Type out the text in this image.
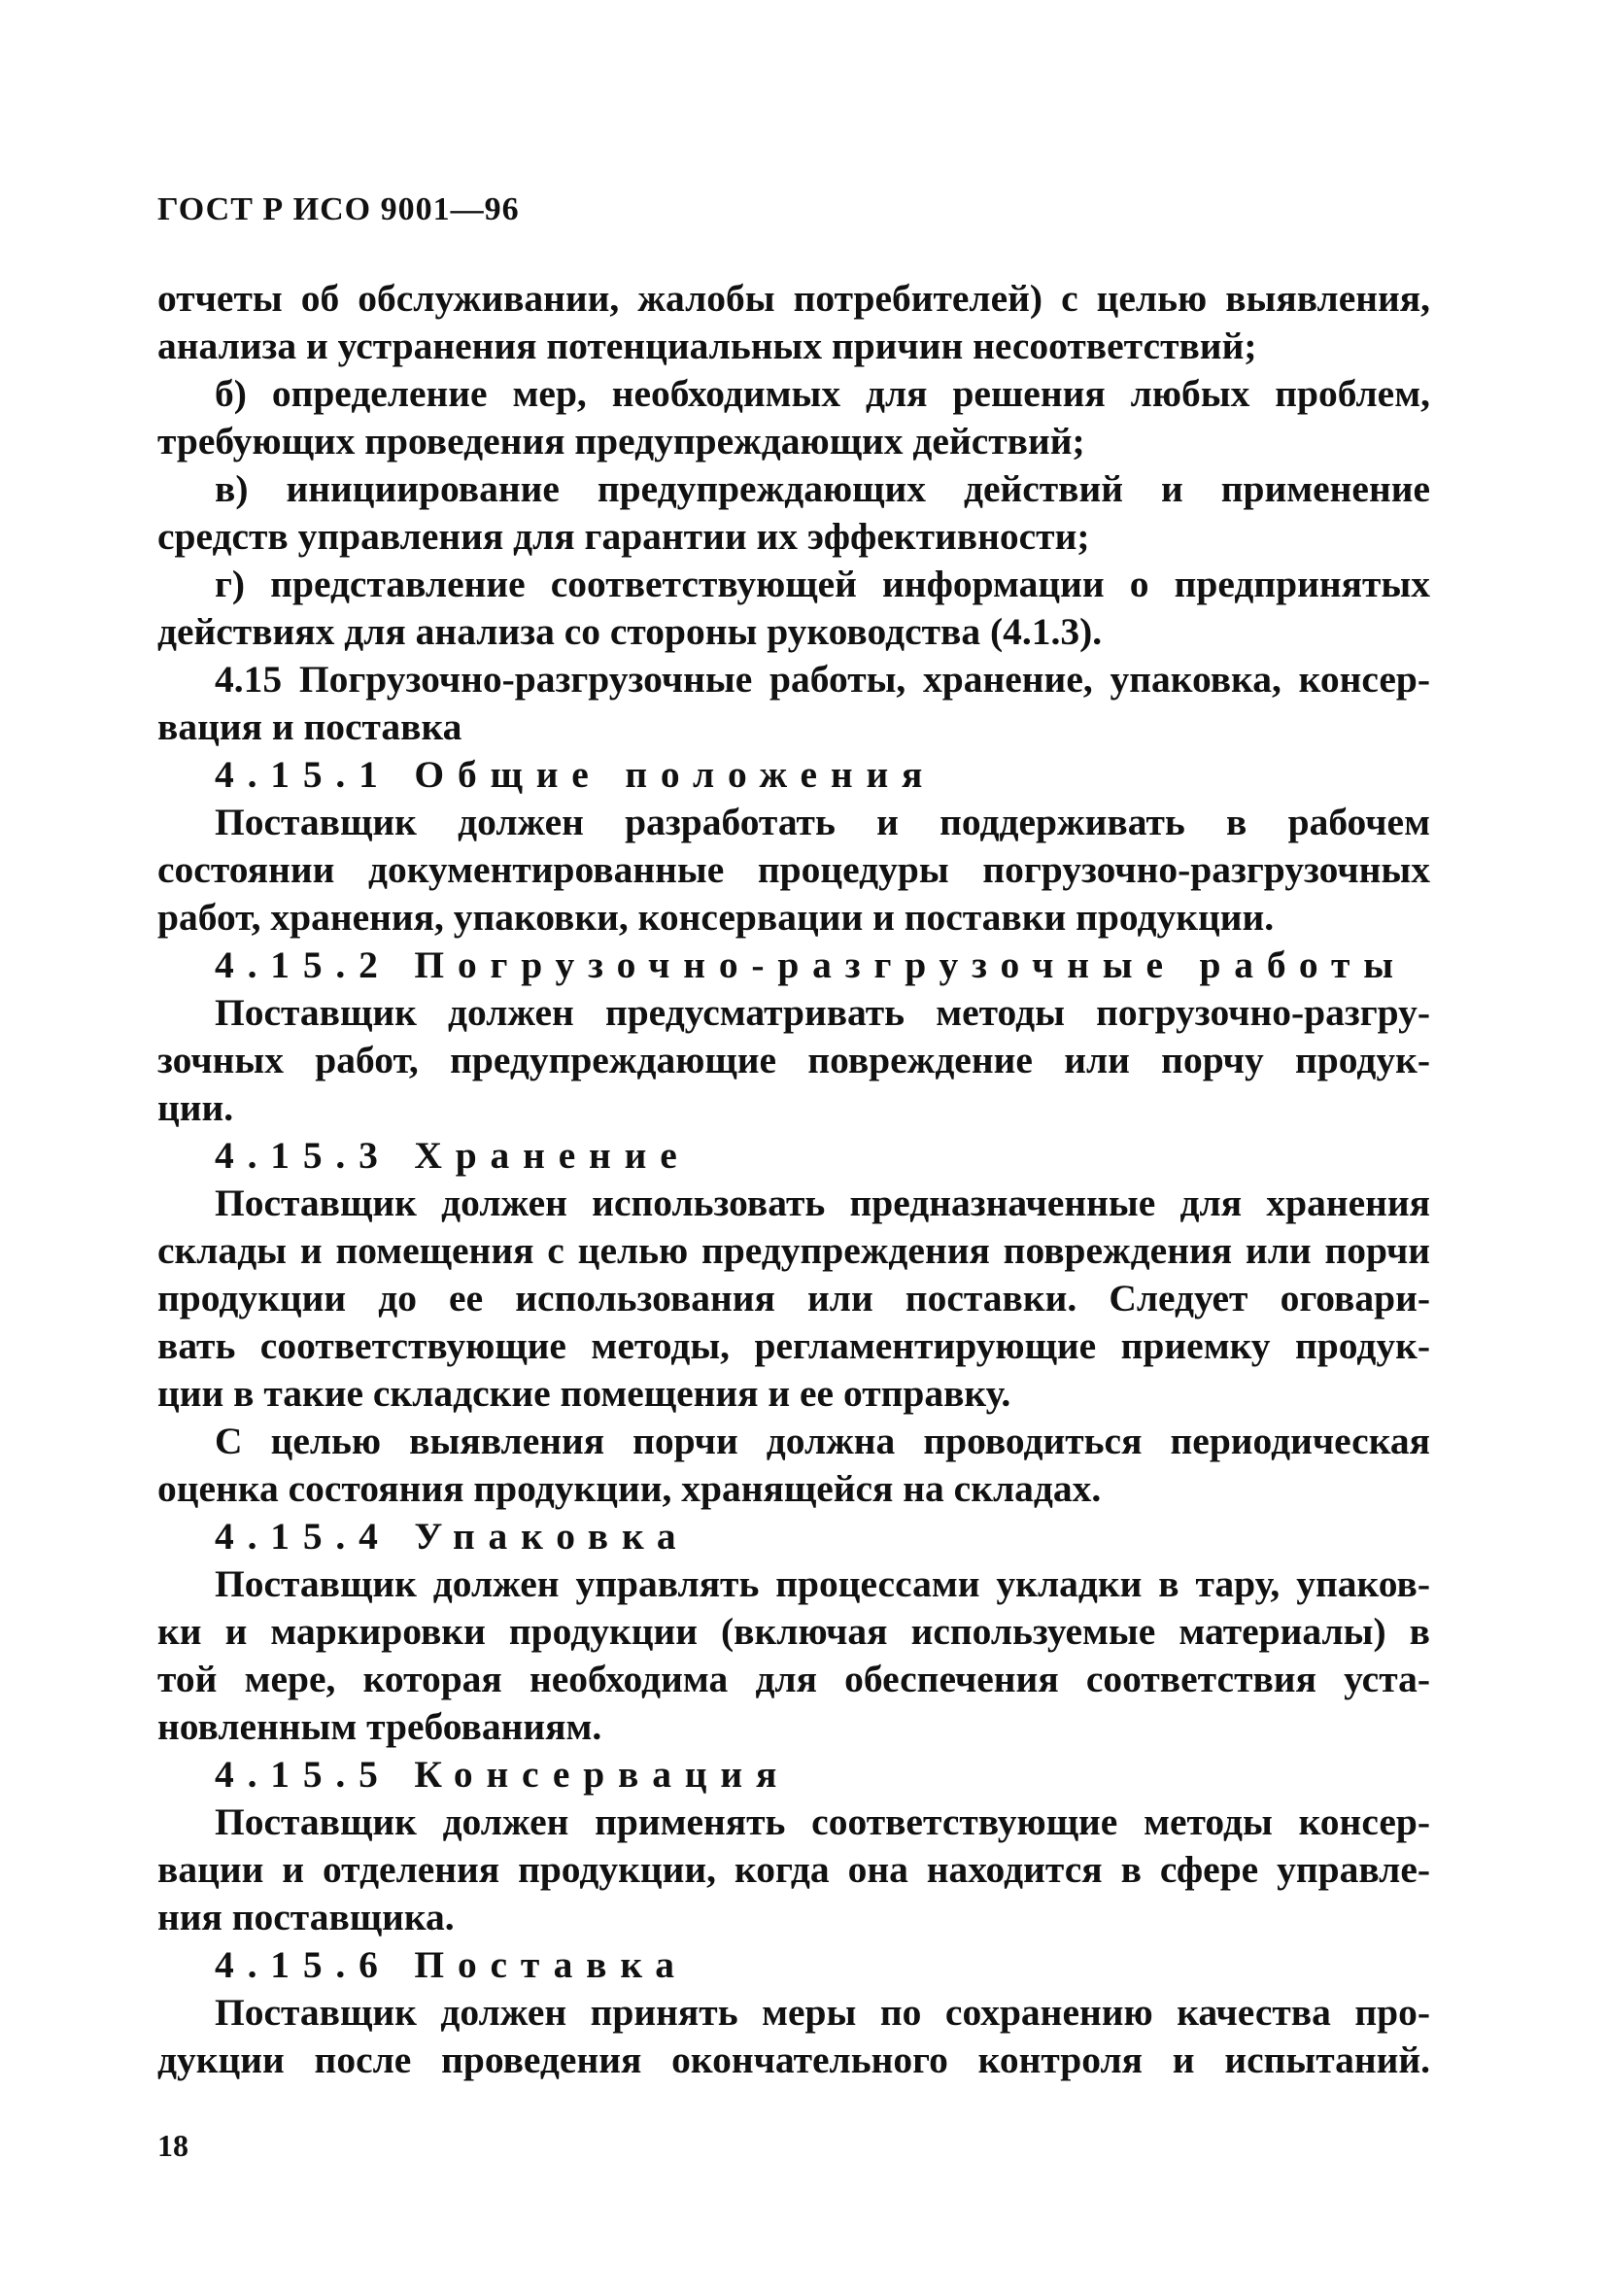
ГОСТ Р ИСО 9001—96
отчеты об обслуживании, жалобы потребителей) с целью выявления,
анализа и устранения потенциальных причин несоответствий;
б) определение мер, необходимых для решения любых проблем,
требующих проведения предупреждающих действий;
в) инициирование предупреждающих действий и применение
средств управления для гарантии их эффективности;
г) представление соответствующей информации о предпринятых
действиях для анализа со стороны руководства (4.1.3).
4.15 Погрузочно-разгрузочные работы, хранение, упаковка, консер-
вация и поставка
4.15.1 Общие положения
Поставщик должен разработать и поддерживать в рабочем
состоянии документированные процедуры погрузочно-разгрузочных
работ, хранения, упаковки, консервации и поставки продукции.
4.15.2 Погрузочно-разгрузочные работы
Поставщик должен предусматривать методы погрузочно-разгру-
зочных работ, предупреждающие повреждение или порчу продук-
ции.
4.15.3 Хранение
Поставщик должен использовать предназначенные для хранения
склады и помещения с целью предупреждения повреждения или порчи
продукции до ее использования или поставки. Следует оговари-
вать соответствующие методы, регламентирующие приемку продук-
ции в такие складские помещения и ее отправку.
С целью выявления порчи должна проводиться периодическая
оценка состояния продукции, хранящейся на складах.
4.15.4 Упаковка
Поставщик должен управлять процессами укладки в тару, упаков-
ки и маркировки продукции (включая используемые материалы) в
той мере, которая необходима для обеспечения соответствия уста-
новленным требованиям.
4.15.5 Консервация
Поставщик должен применять соответствующие методы консер-
вации и отделения продукции, когда она находится в сфере управле-
ния поставщика.
4.15.6 Поставка
Поставщик должен принять меры по сохранению качества про-
дукции после проведения окончательного контроля и испытаний.
18
